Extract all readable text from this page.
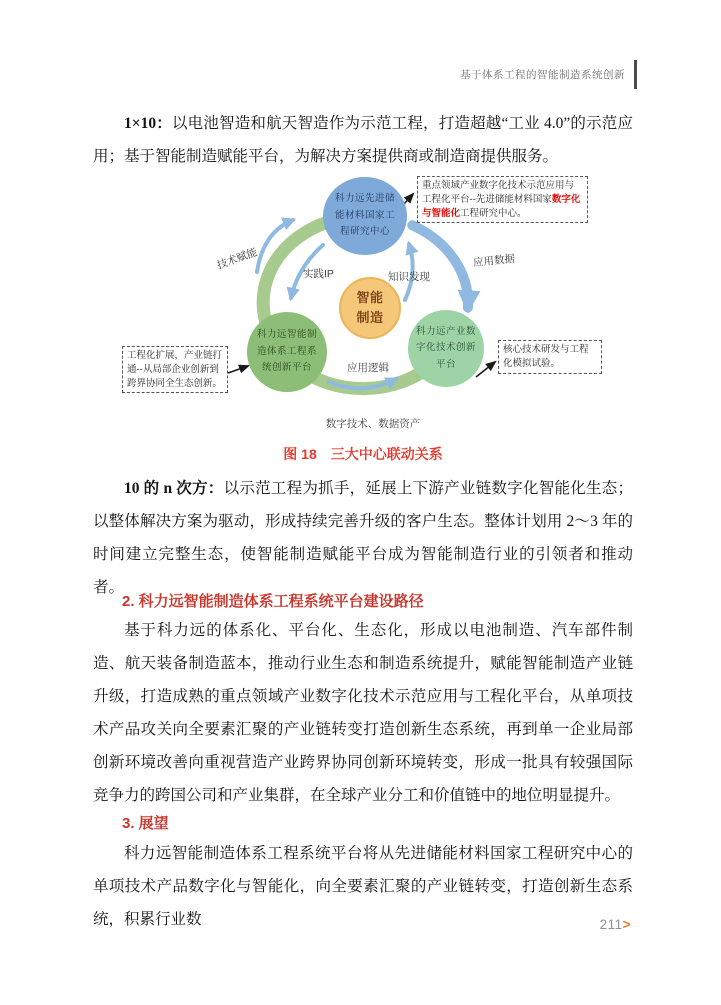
基于体系工程的智能制造系统创新

1×10：以电池智造和航天智造作为示范工程，打造超越“工业 4.0”的示范应用；基于智能制造赋能平台，为解决方案提供商或制造商提供服务。

科力远先进储
能材料国家工
程研究中心
科力远智能制
造体系工程系
统创新平台
科力远产业数
字化技术创新
平台
智能
制造
重点领域产业数字化技术示范应用与工程化平台--先进储能材料国家数字化与智能化工程研究中心。
工程化扩展，产业链打通--从局部企业创新到跨界协同全生态创新。
核心技术研发与工程化模拟试验。
技术赋能
实践IP	知识发现
应用数据
应用逻辑
数字技术、数据资产
图 18　三大中心联动关系

10 的 n 次方：以示范工程为抓手，延展上下游产业链数字化智能化生态；以整体解决方案为驱动，形成持续完善升级的客户生态。整体计划用 2～3 年的时间建立完整生态，使智能制造赋能平台成为智能制造行业的引领者和推动者。

2. 科力远智能制造体系工程系统平台建设路径

基于科力远的体系化、平台化、生态化，形成以电池制造、汽车部件制造、航天装备制造蓝本，推动行业生态和制造系统提升，赋能智能制造产业链升级，打造成熟的重点领域产业数字化技术示范应用与工程化平台，从单项技术产品攻关向全要素汇聚的产业链转变打造创新生态系统，再到单一企业局部创新环境改善向重视营造产业跨界协同创新环境转变，形成一批具有较强国际竞争力的跨国公司和产业集群，在全球产业分工和价值链中的地位明显提升。

3. 展望

科力远智能制造体系工程系统平台将从先进储能材料国家工程研究中心的单项技术产品数字化与智能化，向全要素汇聚的产业链转变，打造创新生态系统，积累行业数	211>
